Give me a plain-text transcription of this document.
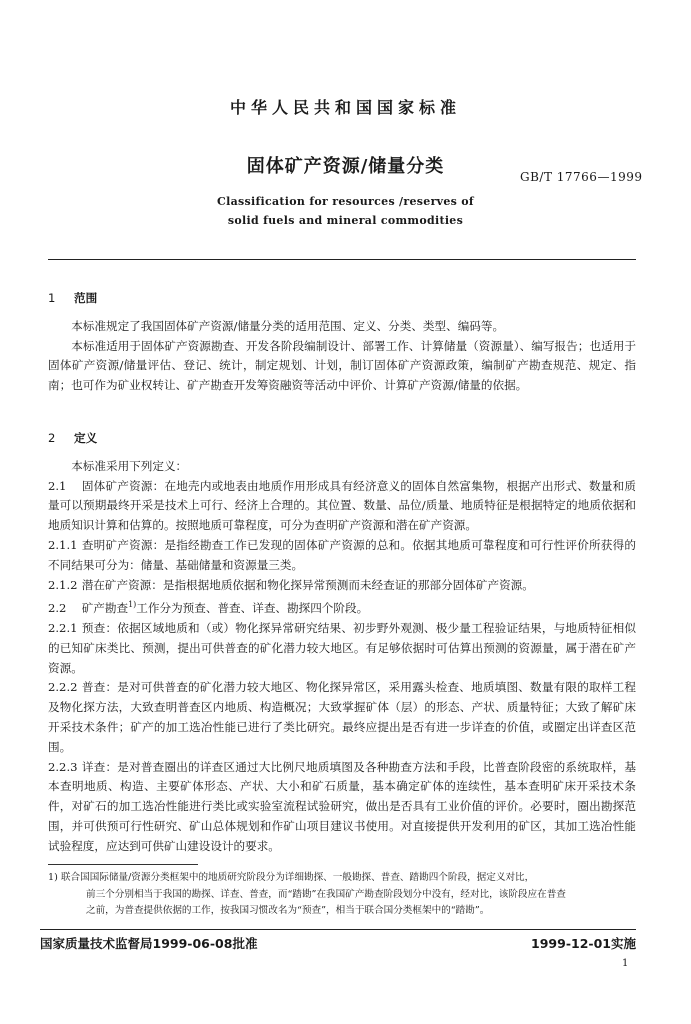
中华人民共和国国家标准
固体矿产资源/储量分类	GB/T 17766—1999
Classification for resources /reserves of
solid fuels and mineral commodities

1 范围

本标准规定了我国固体矿产资源/储量分类的适用范围、定义、分类、类型、编码等。

本标准适用于固体矿产资源勘查、开发各阶段编制设计、部署工作、计算储量（资源量）、编写报告；也适用于固体矿产资源/储量评估、登记、统计，制定规划、计划，制订固体矿产资源政策，编制矿产勘查规范、规定、指南；也可作为矿业权转让、矿产勘查开发筹资融资等活动中评价、计算矿产资源/储量的依据。

2 定义

本标准采用下列定义：

2.1 固体矿产资源：在地壳内或地表由地质作用形成具有经济意义的固体自然富集物，根据产出形式、数量和质量可以预期最终开采是技术上可行、经济上合理的。其位置、数量、品位/质量、地质特征是根据特定的地质依据和地质知识计算和估算的。按照地质可靠程度，可分为查明矿产资源和潜在矿产资源。

2.1.1 查明矿产资源：是指经勘查工作已发现的固体矿产资源的总和。依据其地质可靠程度和可行性评价所获得的不同结果可分为：储量、基础储量和资源量三类。

2.1.2 潜在矿产资源：是指根据地质依据和物化探异常预测而未经查证的那部分固体矿产资源。

2.2 矿产勘查$^{1)}$工作分为预查、普查、详查、勘探四个阶段。

2.2.1 预查：依据区域地质和（或）物化探异常研究结果、初步野外观测、极少量工程验证结果，与地质特征相似的已知矿床类比、预测，提出可供普查的矿化潜力较大地区。有足够依据时可估算出预测的资源量，属于潜在矿产资源。

2.2.2 普查：是对可供普查的矿化潜力较大地区、物化探异常区，采用露头检查、地质填图、数量有限的取样工程及物化探方法，大致查明普查区内地质、构造概况；大致掌握矿体（层）的形态、产状、质量特征；大致了解矿床开采技术条件；矿产的加工选冶性能已进行了类比研究。最终应提出是否有进一步详查的价值，或圈定出详查区范围。

2.2.3 详查：是对普查圈出的详查区通过大比例尺地质填图及各种勘查方法和手段，比普查阶段密的系统取样，基本查明地质、构造、主要矿体形态、产状、大小和矿石质量，基本确定矿体的连续性，基本查明矿床开采技术条件，对矿石的加工选冶性能进行类比或实验室流程试验研究，做出是否具有工业价值的评价。必要时，圈出勘探范围，并可供预可行性研究、矿山总体规划和作矿山项目建议书使用。对直接提供开发利用的矿区，其加工选冶性能试验程度，应达到可供矿山建设设计的要求。

1) 联合国国际储量/资源分类框架中的地质研究阶段分为详细勘探、一般勘探、普查、踏勘四个阶段，据定义对比，

前三个分别相当于我国的勘探、详查、普查，而“踏勘”在我国矿产勘查阶段划分中没有，经对比，该阶段应在普查

之前，为普查提供依据的工作，按我国习惯改名为“预查”，相当于联合国分类框架中的“踏勘”。

国家质量技术监督局1999-06-08批准	1999-12-01实施
1
